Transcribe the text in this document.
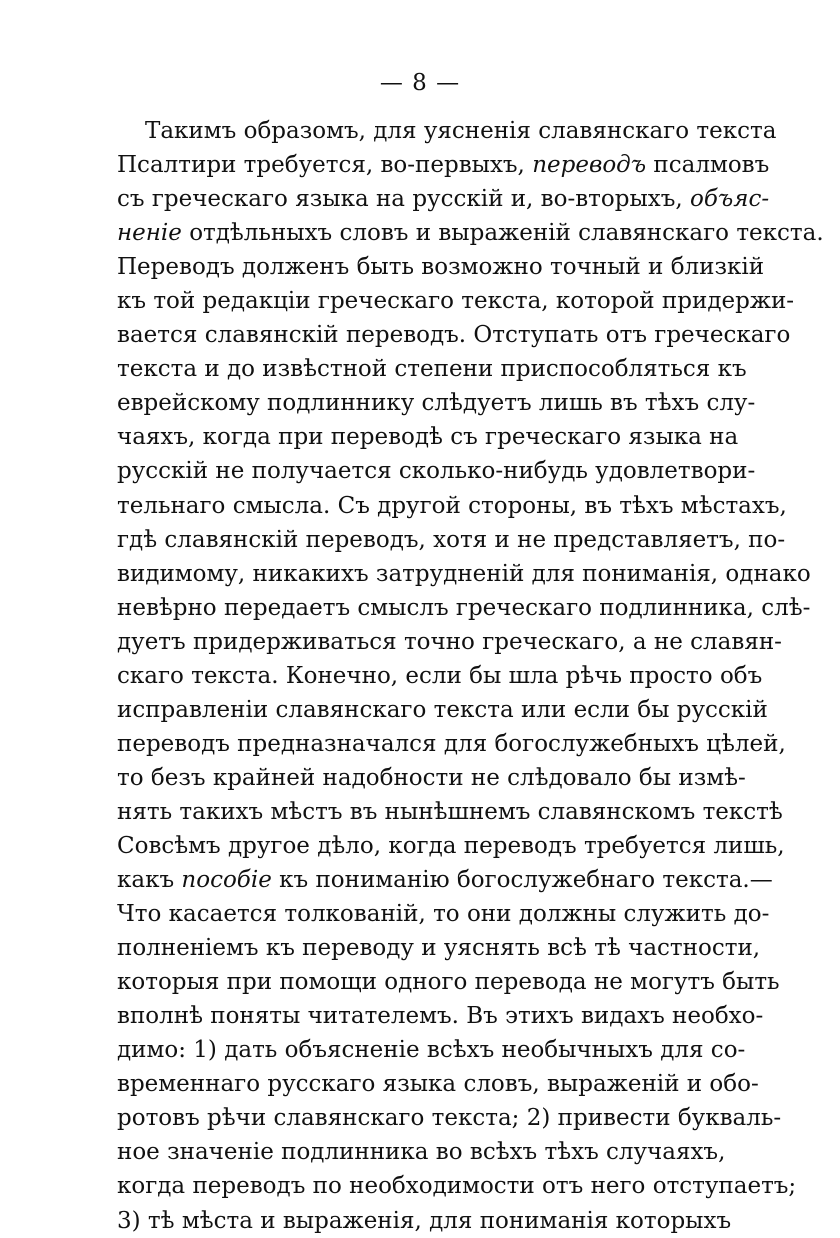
— 8 —
Такимъ образомъ, для уясненія славянскаго текста
Псалтири требуется, во-первыхъ, переводъ псалмовъ
съ греческаго языка на русскій и, во-вторыхъ, объяс-
неніе отдѣльныхъ словъ и выраженій славянскаго текста.
Переводъ долженъ быть возможно точный и близкій
къ той редакціи греческаго текста, которой придержи-
вается славянскій переводъ. Отступать отъ греческаго
текста и до извѣстной степени приспособляться къ
еврейскому подлиннику слѣдуетъ лишь въ тѣхъ слу-
чаяхъ, когда при переводѣ съ греческаго языка на
русскій не получается сколько-нибудь удовлетвори-
тельнаго смысла. Съ другой стороны, въ тѣхъ мѣстахъ,
гдѣ славянскій переводъ, хотя и не представляетъ, по-
видимому, никакихъ затрудненій для пониманія, однако
невѣрно передаетъ смыслъ греческаго подлинника, слѣ-
дуетъ придерживаться точно греческаго, а не славян-
скаго текста. Конечно, если бы шла рѣчь просто объ
исправленіи славянскаго текста или если бы русскій
переводъ предназначался для богослужебныхъ цѣлей,
то безъ крайней надобности не слѣдовало бы измѣ-
нять такихъ мѣстъ въ нынѣшнемъ славянскомъ текстѣ
Совсѣмъ другое дѣло, когда переводъ требуется лишь,
какъ пособіе къ пониманію богослужебнаго текста.—
Что касается толкованій, то они должны служить до-
полненіемъ къ переводу и уяснять всѣ тѣ частности,
которыя при помощи одного перевода не могутъ быть
вполнѣ поняты читателемъ. Въ этихъ видахъ необхо-
димо: 1) дать объясненіе всѣхъ необычныхъ для со-
временнаго русскаго языка словъ, выраженій и обо-
ротовъ рѣчи славянскаго текста; 2) привести букваль-
ное значеніе подлинника во всѣхъ тѣхъ случаяхъ,
когда переводъ по необходимости отъ него отступаетъ;
3) тѣ мѣста и выраженія, для пониманія которыхъ
